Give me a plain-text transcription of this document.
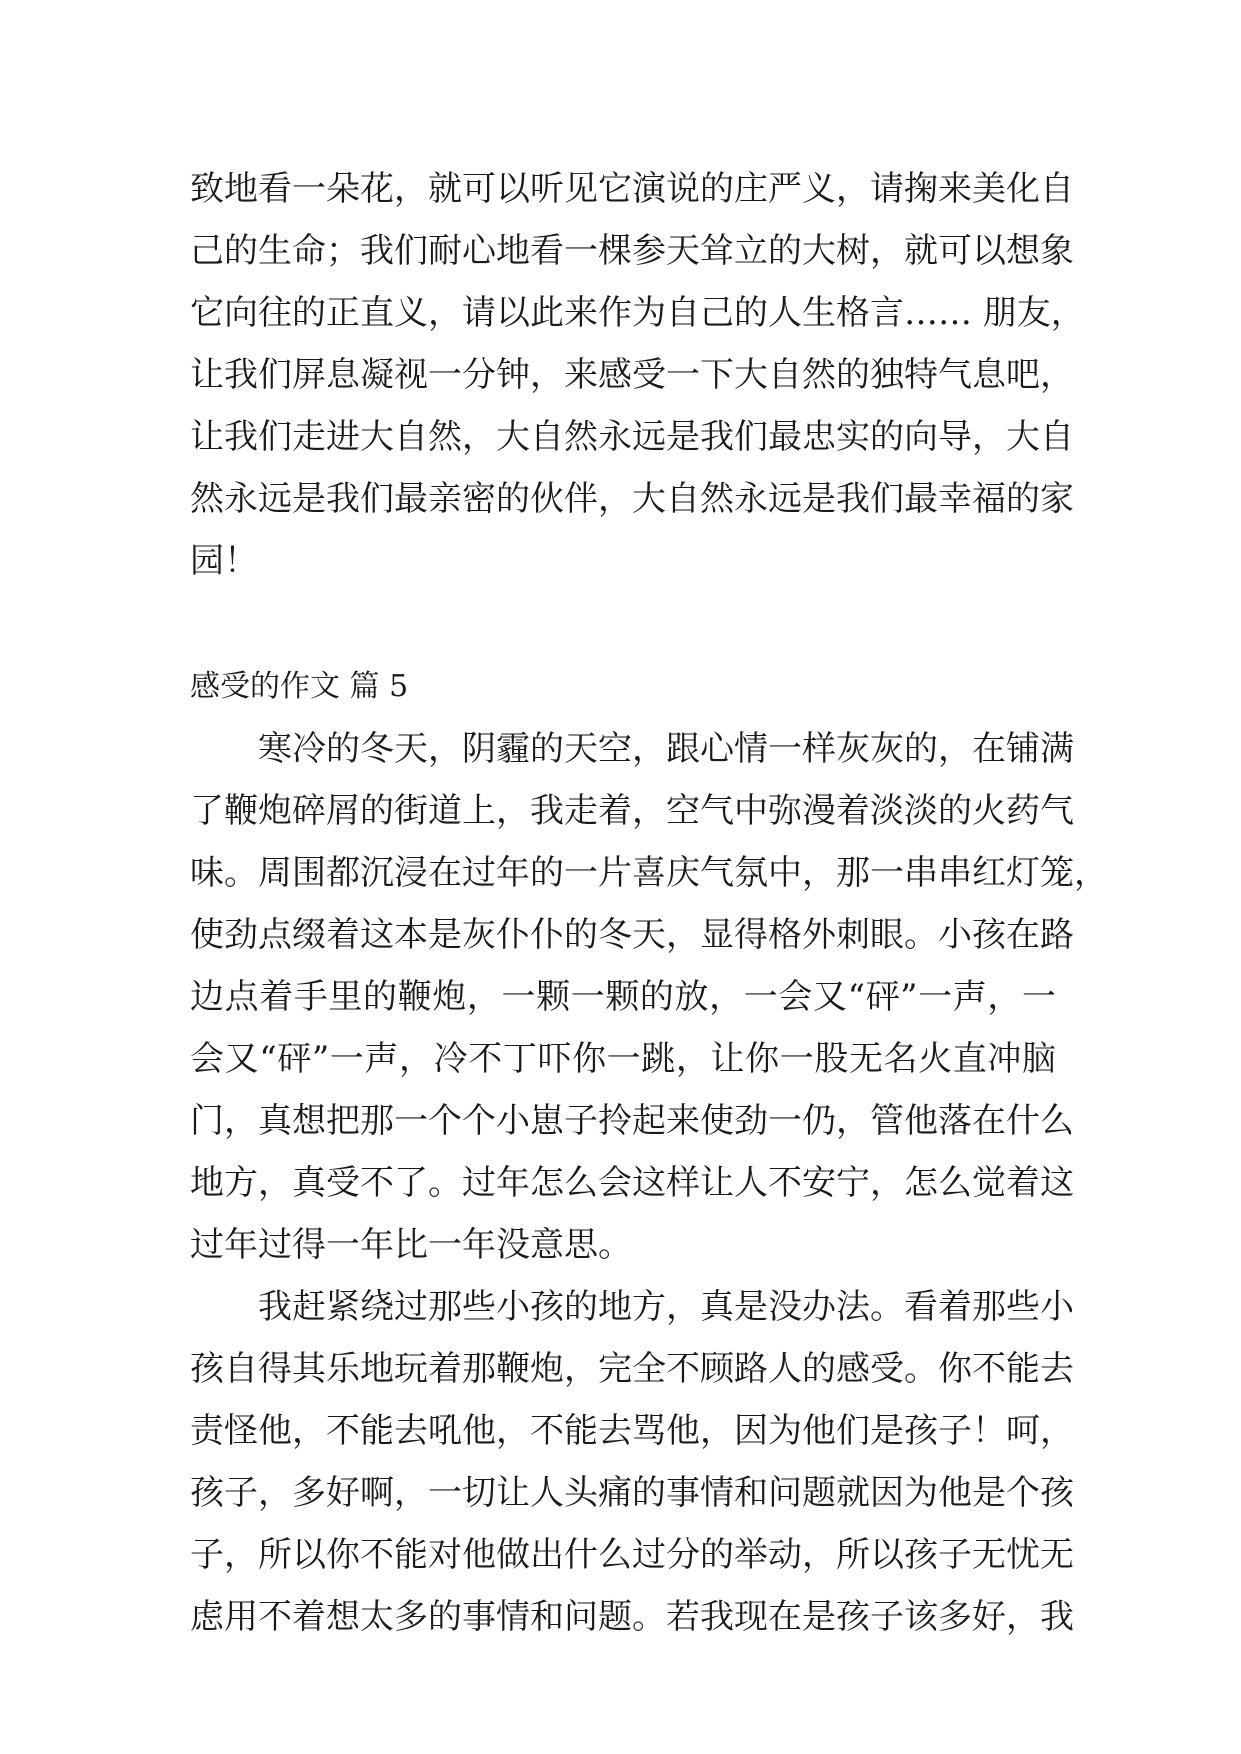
致地看一朵花，就可以听见它演说的庄严义，请掬来美化自
己的生命；我们耐心地看一棵参天耸立的大树，就可以想象
它向往的正直义，请以此来作为自己的人生格言…… 朋友，
让我们屏息凝视一分钟，来感受一下大自然的独特气息吧，
让我们走进大自然，大自然永远是我们最忠实的向导，大自
然永远是我们最亲密的伙伴，大自然永远是我们最幸福的家
园！
感受的作文 篇 5
寒冷的冬天，阴霾的天空，跟心情一样灰灰的，在铺满
了鞭炮碎屑的街道上，我走着，空气中弥漫着淡淡的火药气
味。周围都沉浸在过年的一片喜庆气氛中，那一串串红灯笼，
使劲点缀着这本是灰仆仆的冬天，显得格外刺眼。小孩在路
边点着手里的鞭炮，一颗一颗的放，一会又“砰”一声，一
会又“砰”一声，冷不丁吓你一跳，让你一股无名火直冲脑
门，真想把那一个个小崽子拎起来使劲一仍，管他落在什么
地方，真受不了。过年怎么会这样让人不安宁，怎么觉着这
过年过得一年比一年没意思。
我赶紧绕过那些小孩的地方，真是没办法。看着那些小
孩自得其乐地玩着那鞭炮，完全不顾路人的感受。你不能去
责怪他，不能去吼他，不能去骂他，因为他们是孩子！呵，
孩子，多好啊，一切让人头痛的事情和问题就因为他是个孩
子，所以你不能对他做出什么过分的举动，所以孩子无忧无
虑用不着想太多的事情和问题。若我现在是孩子该多好，我
